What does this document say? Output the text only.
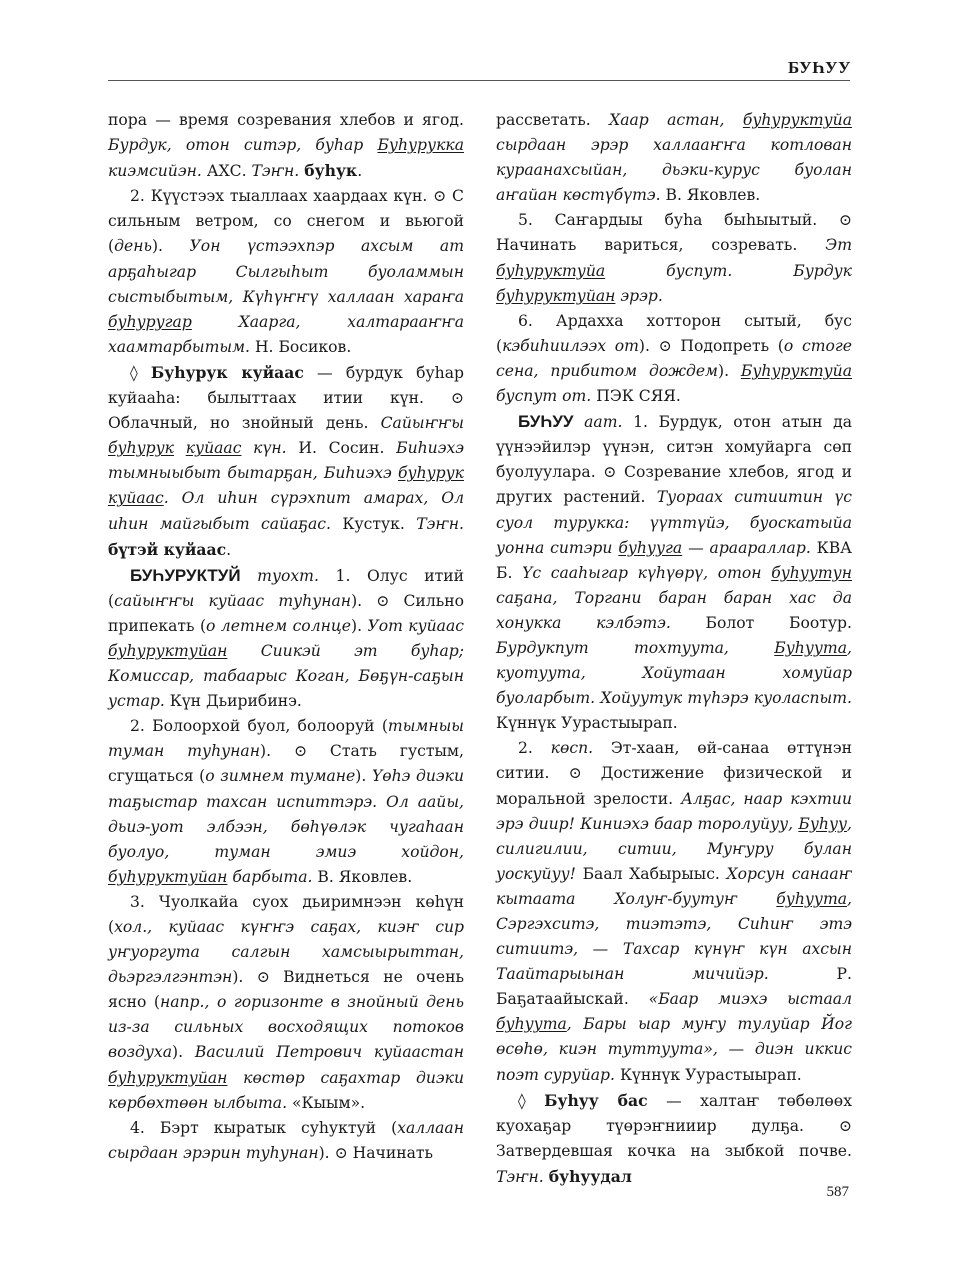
БУҺУУ

пора — время созревания хлебов и ягод. Бурдук, отон ситэр, буһар Буһурукка киэмсийэн. АХС. Тэҥн. буһук.

2. Күүстээх тыаллаах хаардаах күн. ⊙ С сильным ветром, со снегом и вьюгой (день). Уон үстээхпэр ахсым ат арҕаһыгар Сылгыһыт буоламмын сыстыбытым, Күһүҥҥү халлаан хараҥа буһуругар Хаарга, халтарааҥҥа хаамтарбытым. Н. Босиков.

◊ Буһурук куйаас — бурдук буһар куйааһа: былыттаах итии күн. ⊙ Облачный, но знойный день. Сайыҥҥы буһурук куйаас күн. И. Сосин. Биһиэхэ тымныыбыт бытарҕан, Биһиэхэ буһурук куйаас. Ол иһин сүрэхпит амарах, Ол иһин майгыбыт сайаҕас. Кустук. Тэҥн. бүтэй куйаас.

БУҺУРУКТУЙ туохт. 1. Олус итий (сайыҥҥы куйаас туһунан). ⊙ Сильно припекать (о летнем солнце). Уот куйаас буһуруктуйан Сиикэй эт буһар; Комиссар, табаарыс Коган, Бөҕүн-саҕын устар. Күн Дьирибинэ.

2. Болоорхой буол, болооруй (тымныы туман туһунан). ⊙ Стать густым, сгущаться (о зимнем тумане). Үөһэ диэки таҕыстар тахсан испиттэрэ. Ол аайы, дьиэ-уот элбээн, бөһүөлэк чугаһаан буолуо, туман эмиэ хойдон, буһуруктуйан барбыта. В. Яковлев.

3. Чуолкайа суох дьиримнээн көһүн (хол., куйаас күҥҥэ саҕах, киэҥ сир уҥуоргута салгын хамсыырыттан, дьэргэлгэнтэн). ⊙ Виднеться не очень ясно (напр., о горизонте в знойный день из-за сильных восходящих потоков воздуха). Василий Петрович куйаастан буһуруктуйан көстөр саҕахтар диэки көрбөхтөөн ылбыта. «Кыым».

4. Бэрт кыратык суһуктуй (халлаан сырдаан эрэрин туһунан). ⊙ Начинать

рассветать. Хаар астан, буһуруктуйа сырдаан эрэр халлааҥҥа котлован кураанахсыйан, дьэки-курус буолан аҥайан көстүбүтэ. В. Яковлев.

5. Саҥардыы буһа быһыытый. ⊙ Начинать вариться, созревать. Эт буһуруктуйа буспут. Бурдук буһуруктуйан эрэр.

6. Ардахха хотторон сытый, бус (кэбиһиилээх от). ⊙ Подопреть (о стоге сена, прибитом дождем). Буһуруктуйа буспут от. ПЭК СЯЯ.

БУҺУУ аат. 1. Бурдук, отон атын да үүнээйилэр үүнэн, ситэн хомуйарга сөп буолуулара. ⊙ Созревание хлебов, ягод и других растений. Туораах ситиитин үс суол турукка: үүттүйэ, буоскатыйа уонна ситэри буһууга — араараллар. КВА Б. Үс сааһыгар күһүөрү, отон буһуутун саҕана, Торгани баран баран хас да хонукка кэлбэтэ. Болот Боотур. Бурдукпут тохтуута, Буһуута, куотуута, Хойутаан хомуйар буоларбыт. Хойуутук түһэрэ куоласпыт. Күннүк Уурастыырап.

2. көсп. Эт-хаан, өй-санаа өттүнэн ситии. ⊙ Достижение физической и моральной зрелости. Алҕас, наар кэхтии эрэ диир! Киниэхэ баар торолуйуу, Буһуу, силигилии, ситии, Муҥуру булан уоскуйуу! Баал Хабырыыс. Хорсун санааҥ кытаата Холуҥ-буутуҥ буһуута, Сэргэхситэ, тиэтэтэ, Сиһиҥ этэ ситиитэ, — Тахсар күнүҥ күн ахсын Таайтарыынан мичийэр. Р. Баҕатаайыскай. «Баар миэхэ ыстаал буһуута, Бары ыар муҥу тулуйар Йог өсөһө, киэн туттуута», — диэн иккис поэт суруйар. Күннүк Уурастыырап.

◊ Буһуу бас — халтаҥ төбөлөөх куохаҕар түөрэҥнииир дулҕа. ⊙ Затвердевшая кочка на зыбкой почве. Тэҥн. буһуудал

587
